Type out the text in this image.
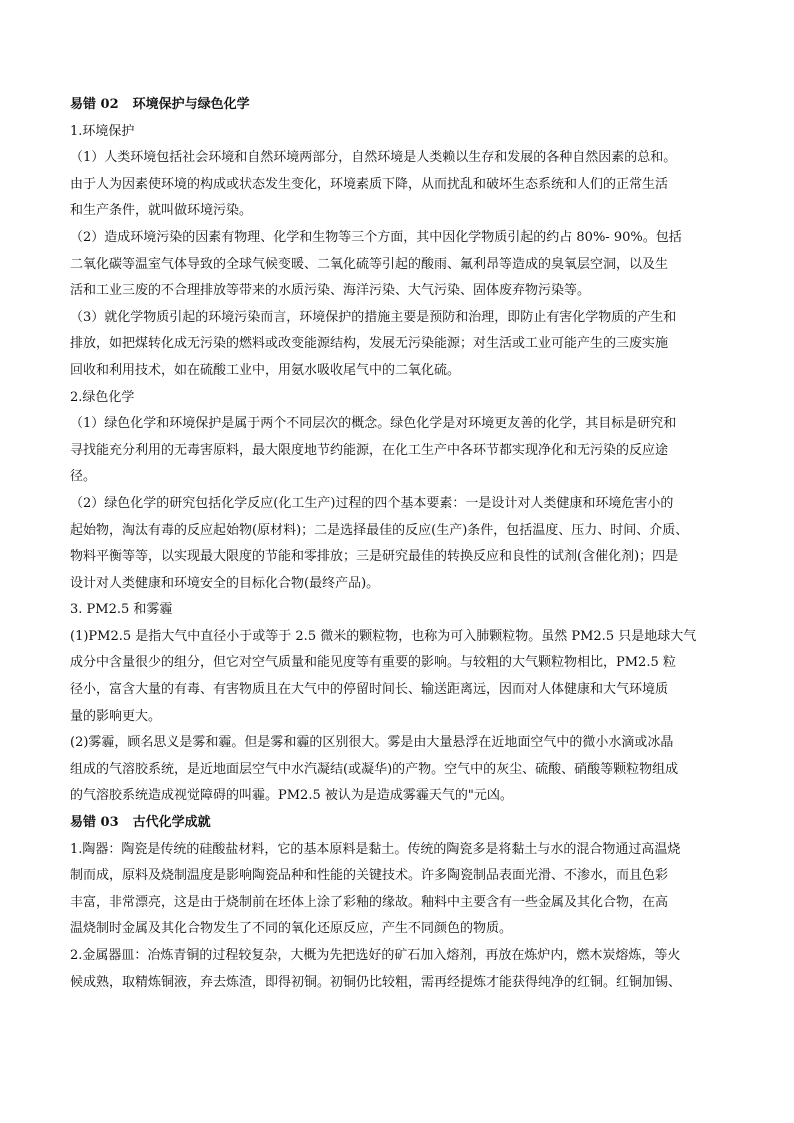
易错 02 环境保护与绿色化学
1.环境保护
（1）人类环境包括社会环境和自然环境两部分，自然环境是人类赖以生存和发展的各种自然因素的总和。
由于人为因素使环境的构成或状态发生变化，环境素质下降，从而扰乱和破坏生态系统和人们的正常生活
和生产条件，就叫做环境污染。
（2）造成环境污染的因素有物理、化学和生物等三个方面，其中因化学物质引起的约占 80%- 90%。包括
二氧化碳等温室气体导致的全球气候变暖、二氧化硫等引起的酸雨、氟利昂等造成的臭氧层空洞，以及生
活和工业三废的不合理排放等带来的水质污染、海洋污染、大气污染、固体废弃物污染等。
（3）就化学物质引起的环境污染而言，环境保护的措施主要是预防和治理，即防止有害化学物质的产生和
排放，如把煤转化成无污染的燃料或改变能源结构，发展无污染能源；对生活或工业可能产生的三废实施
回收和利用技术，如在硫酸工业中，用氨水吸收尾气中的二氧化硫。
2.绿色化学
（1）绿色化学和环境保护是属于两个不同层次的概念。绿色化学是对环境更友善的化学，其目标是研究和
寻找能充分利用的无毒害原料，最大限度地节约能源，在化工生产中各环节都实现净化和无污染的反应途
径。
（2）绿色化学的研究包括化学反应(化工生产)过程的四个基本要素：一是设计对人类健康和环境危害小的
起始物，淘汰有毒的反应起始物(原材料)；二是选择最佳的反应(生产)条件，包括温度、压力、时间、介质、
物料平衡等等，以实现最大限度的节能和零排放；三是研究最佳的转换反应和良性的试剂(含催化剂)；四是
设计对人类健康和环境安全的目标化合物(最终产品)。
3. PM2.5 和雾霾
(1)PM2.5 是指大气中直径小于或等于 2.5 微米的颗粒物，也称为可入肺颗粒物。虽然 PM2.5 只是地球大气
成分中含量很少的组分，但它对空气质量和能见度等有重要的影响。与较粗的大气颗粒物相比，PM2.5 粒
径小，富含大量的有毒、有害物质且在大气中的停留时间长、输送距离远，因而对人体健康和大气环境质
量的影响更大。
(2)雾霾，顾名思义是雾和霾。但是雾和霾的区别很大。雾是由大量悬浮在近地面空气中的微小水滴或冰晶
组成的气溶胶系统，是近地面层空气中水汽凝结(或凝华)的产物。空气中的灰尘、硫酸、硝酸等颗粒物组成
的气溶胶系统造成视觉障碍的叫霾。PM2.5 被认为是造成雾霾天气的"元凶。
易错 03 古代化学成就
1.陶器：陶瓷是传统的硅酸盐材料，它的基本原料是黏土。传统的陶瓷多是将黏土与水的混合物通过高温烧
制而成，原料及烧制温度是影响陶瓷品种和性能的关键技术。许多陶瓷制品表面光滑、不渗水，而且色彩
丰富，非常漂亮，这是由于烧制前在坯体上涂了彩釉的缘故。釉料中主要含有一些金属及其化合物，在高
温烧制时金属及其化合物发生了不同的氧化还原反应，产生不同颜色的物质。
2.金属器皿：冶炼青铜的过程较复杂，大概为先把选好的矿石加入熔剂，再放在炼炉内，燃木炭熔炼，等火
候成熟，取精炼铜液，弃去炼渣，即得初铜。初铜仍比较粗，需再经提炼才能获得纯净的红铜。红铜加锡、
